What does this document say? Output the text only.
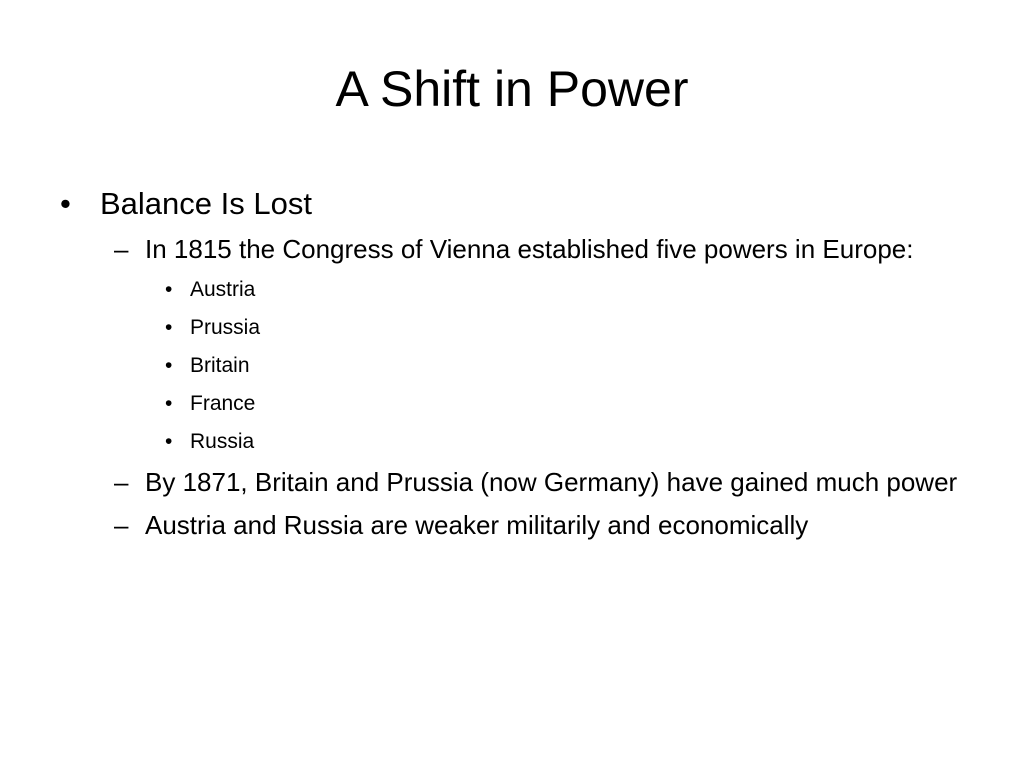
A Shift in Power
• Balance Is Lost
– In 1815 the Congress of Vienna established five powers in Europe:
• Austria
• Prussia
• Britain
• France
• Russia
– By 1871, Britain and Prussia (now Germany) have gained much power
– Austria and Russia are weaker militarily and economically
